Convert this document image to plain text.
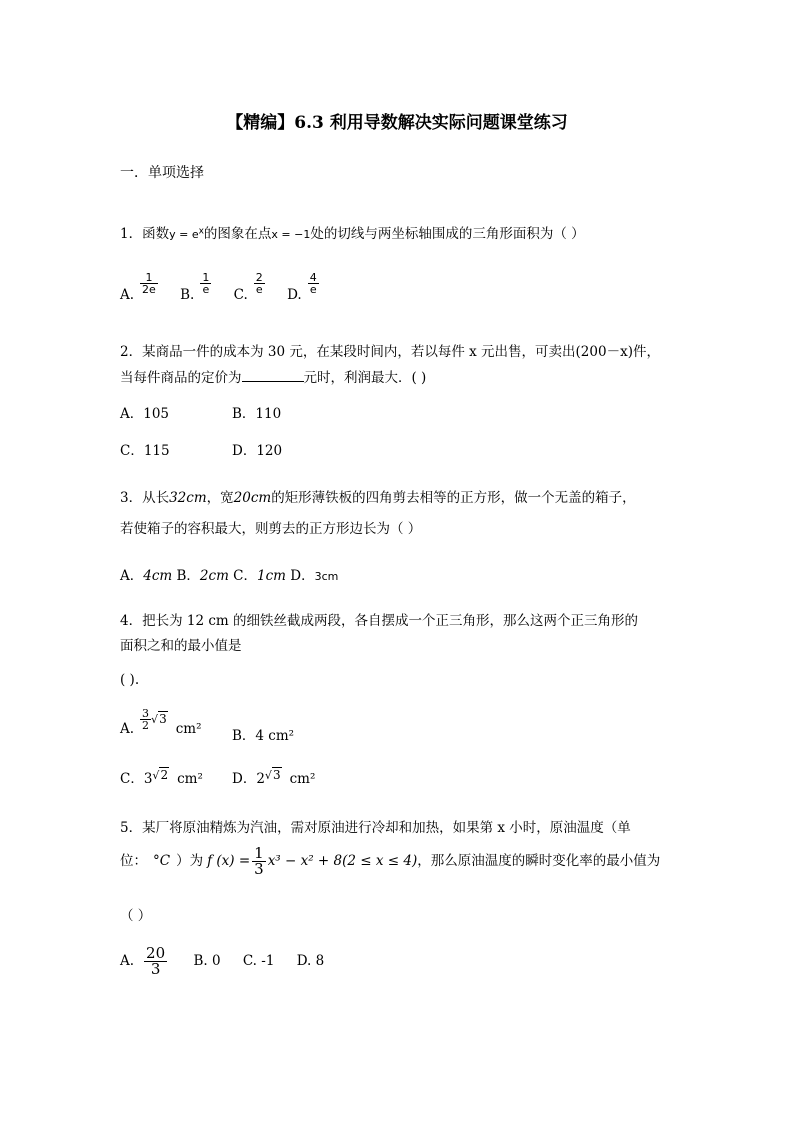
【精编】6.3 利用导数解决实际问题课堂练习
一．单项选择
1．函数$y = e^x$的图象在点x = −1处的切线与两坐标轴围成的三角形面积为（ ）
A. $\frac{1}{2e} B$. $\frac{1}{e} C$. $\frac{2}{e} D$. $\frac{4}{e}$
2．某商品一件的成本为 30 元，在某段时间内，若以每件 x 元出售，可卖出(200－x)件，
当每件商品的定价为	元时，利润最大．( )
A．105	B．110
C．115	D．120
3．从长32cm，宽20cm的矩形薄铁板的四角剪去相等的正方形，做一个无盖的箱子，
若使箱子的容积最大，则剪去的正方形边长为（ ）
A．4cm B．2cm C．1cm D．3cm
4．把长为 12 cm 的细铁丝截成两段，各自摆成一个正三角形，那么这两个正三角形的
面积之和的最小值是
( ).
A. $\frac{3}{2} √3cm^2$ B．4 cm²
C．3√2 cm² D．2√3 cm²
5．某厂将原油精炼为汽油，需对原油进行冷却和加热，如果第 x 小时，原油温度（单
位： °C ）为 f $(x) = \frac{1}{3} x^3 - x^2 + 8(2 \le x \le 4)$，那么原油温度的瞬时变化率的最小值为
（ ）
A. $\frac{20}{3} B$. 0 C. -1 D. 8
